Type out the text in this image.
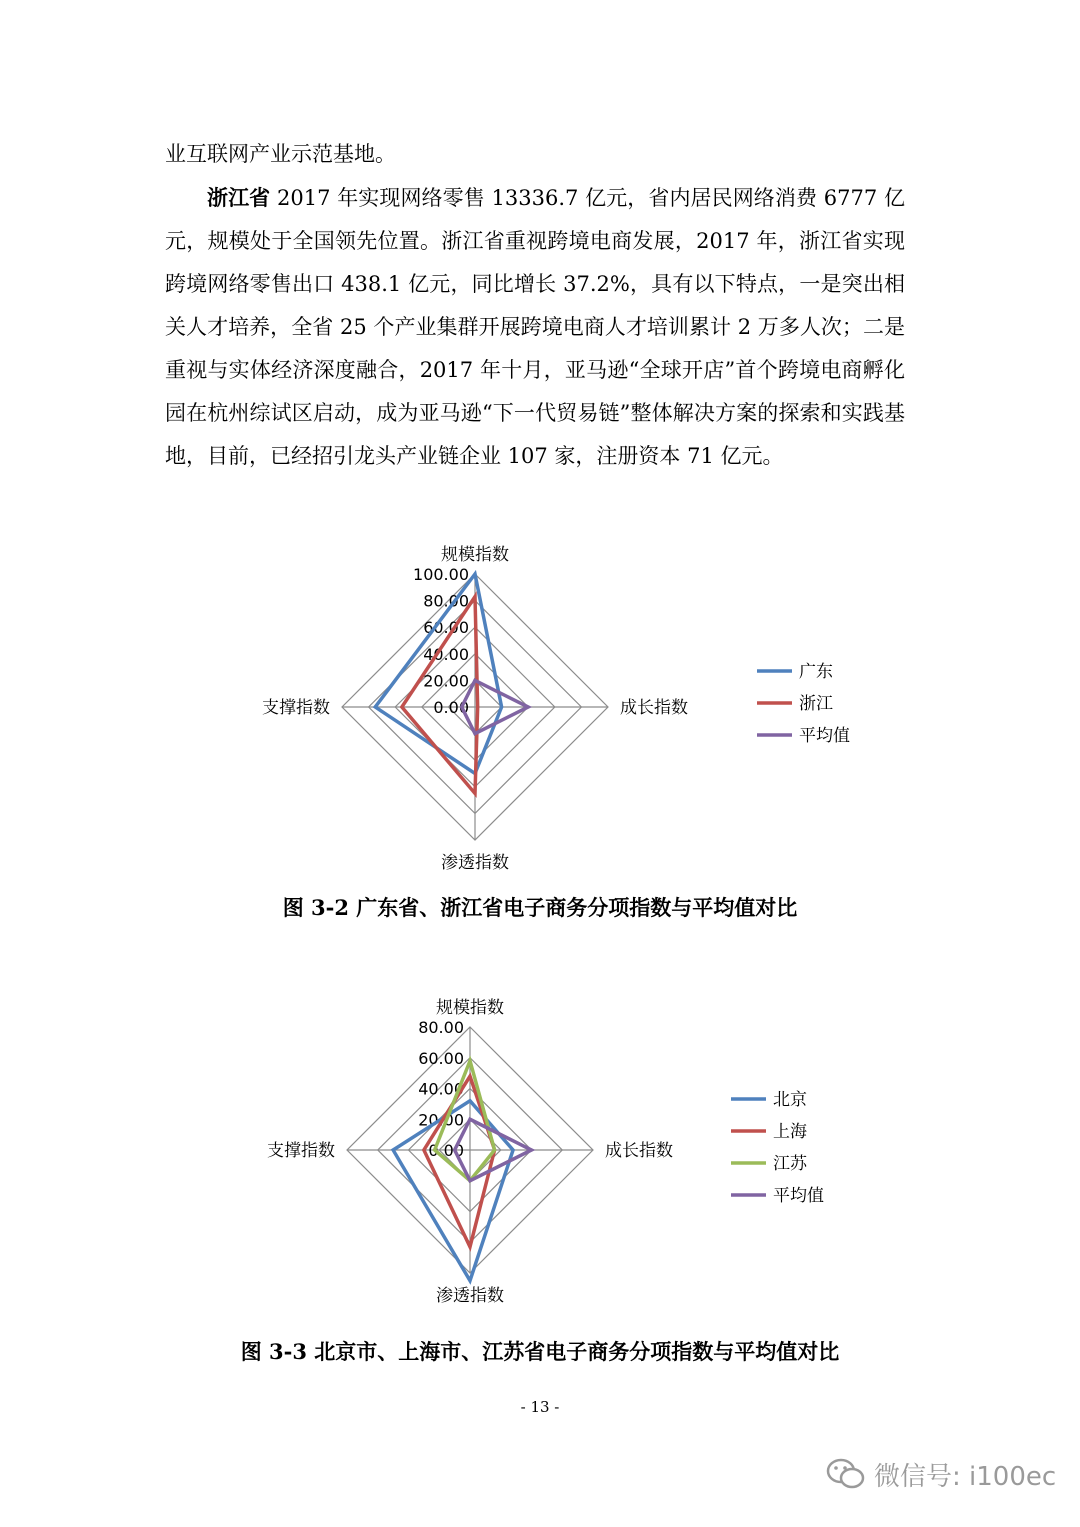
业互联网产业示范基地。

浙江省 2017 年实现网络零售 13336.7 亿元，省内居民网络消费 6777 亿元，规模处于全国领先位置。浙江省重视跨境电商发展，2017 年，浙江省实现跨境网络零售出口 438.1 亿元，同比增长 37.2%，具有以下特点，一是突出相关人才培养，全省 25 个产业集群开展跨境电商人才培训累计 2 万多人次；二是重视与实体经济深度融合，2017 年十月，亚马逊“全球开店”首个跨境电商孵化园在杭州综试区启动，成为亚马逊“下一代贸易链”整体解决方案的探索和实践基地，目前，已经招引龙头产业链企业 107 家，注册资本 71 亿元。

0.00
20.00
40.00
60.00
80.00
100.00
规模指数
成长指数
渗透指数
支撑指数
广东
浙江
平均值

图 3-2 广东省、浙江省电子商务分项指数与平均值对比

0.00
20.00
40.00
60.00
80.00
规模指数
成长指数
渗透指数
支撑指数
北京
上海
江苏
平均值

图 3-3 北京市、上海市、江苏省电子商务分项指数与平均值对比

- 13 -
微信号: i100ec
